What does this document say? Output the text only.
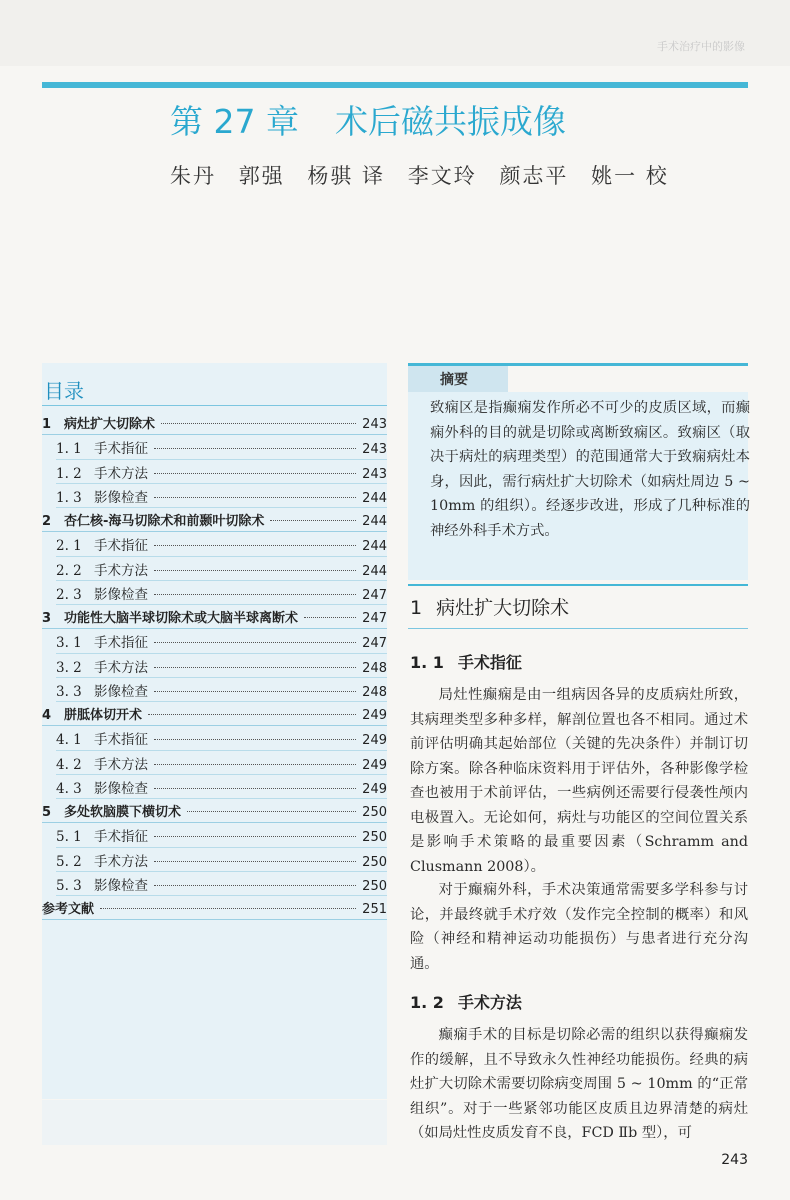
手术治疗中的影像
第 27 章 术后磁共振成像
朱丹 郭强 杨骐 译 李文玲 颜志平 姚一 校
目录
1 病灶扩大切除术	243
1. 1 手术指征	243
1. 2 手术方法	243
1. 3 影像检查	244
2 杏仁核-海马切除术和前颞叶切除术	244
2. 1 手术指征	244
2. 2 手术方法	244
2. 3 影像检查	247
3 功能性大脑半球切除术或大脑半球离断术	247
3. 1 手术指征	247
3. 2 手术方法	248
3. 3 影像检查	248
4 胼胝体切开术	249
4. 1 手术指征	249
4. 2 手术方法	249
4. 3 影像检查	249
5 多处软脑膜下横切术	250
5. 1 手术指征	250
5. 2 手术方法	250
5. 3 影像检查	250
参考文献	251
摘要
致痫区是指癫痫发作所必不可少的皮质区域，而癫痫外科的目的就是切除或离断致痫区。致痫区（取决于病灶的病理类型）的范围通常大于致痫病灶本身，因此，需行病灶扩大切除术（如病灶周边 5 ~ 10mm 的组织）。经逐步改进，形成了几种标准的神经外科手术方式。
1 病灶扩大切除术
1. 1 手术指征
局灶性癫痫是由一组病因各异的皮质病灶所致，其病理类型多种多样，解剖位置也各不相同。通过术前评估明确其起始部位（关键的先决条件）并制订切除方案。除各种临床资料用于评估外，各种影像学检查也被用于术前评估，一些病例还需要行侵袭性颅内电极置入。无论如何，病灶与功能区的空间位置关系是影响手术策略的最重要因素（Schramm and Clusmann 2008）。
对于癫痫外科，手术决策通常需要多学科参与讨论，并最终就手术疗效（发作完全控制的概率）和风险（神经和精神运动功能损伤）与患者进行充分沟通。
1. 2 手术方法
癫痫手术的目标是切除必需的组织以获得癫痫发作的缓解，且不导致永久性神经功能损伤。经典的病灶扩大切除术需要切除病变周围 5 ~ 10mm 的“正常组织”。对于一些紧邻功能区皮质且边界清楚的病灶（如局灶性皮质发育不良，FCD Ⅱb 型），可
243
